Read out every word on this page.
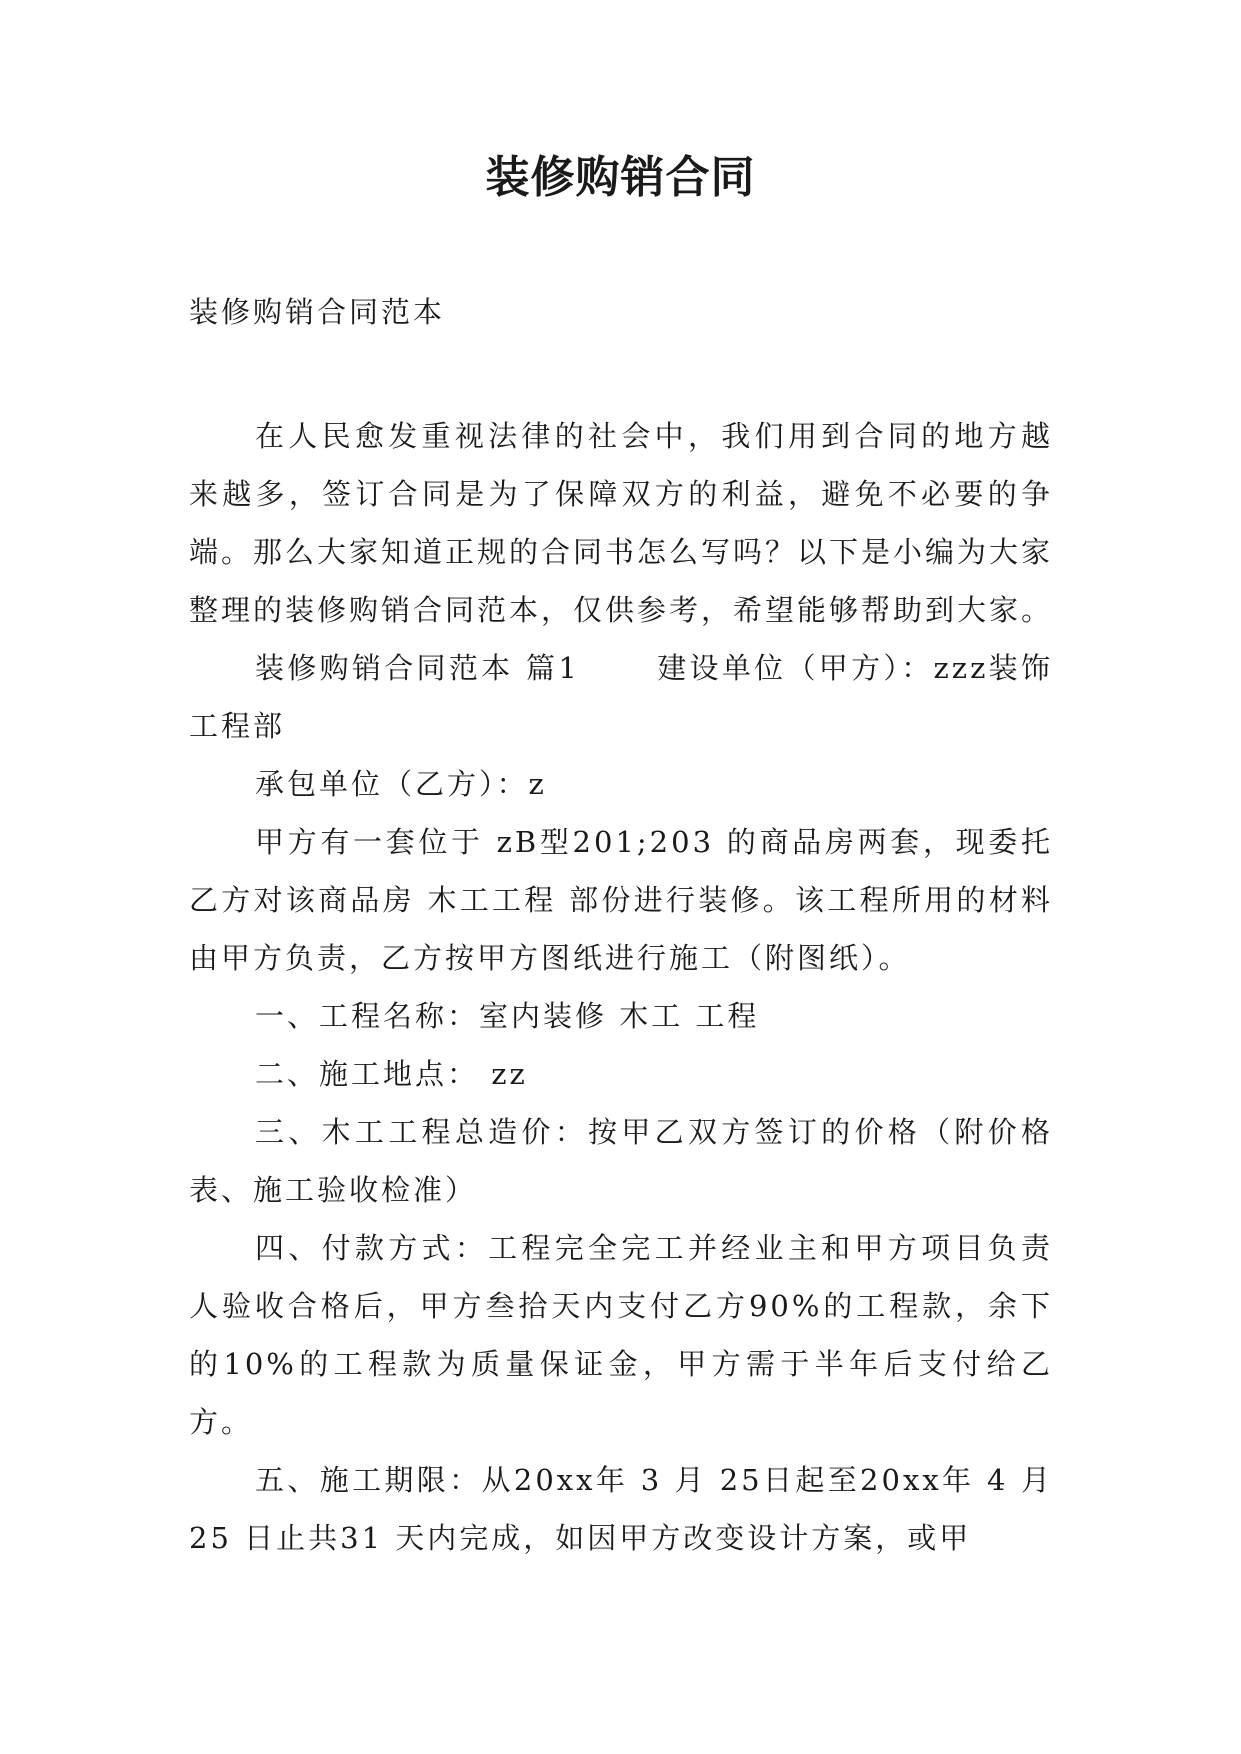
装修购销合同
装修购销合同范本

在人民愈发重视法律的社会中，我们用到合同的地方越来越多，签订合同是为了保障双方的利益，避免不必要的争端。那么大家知道正规的合同书怎么写吗？以下是小编为大家整理的装修购销合同范本，仅供参考，希望能够帮助到大家。

装修购销合同范本 篇1　　 建设单位（甲方）：zzz装饰工程部

承包单位（乙方）：z

甲方有一套位于 zB型201;203 的商品房两套，现委托乙方对该商品房 木工工程 部份进行装修。该工程所用的材料由甲方负责，乙方按甲方图纸进行施工（附图纸）。

一、工程名称：室内装修 木工 工程

二、施工地点： zz

三、木工工程总造价：按甲乙双方签订的价格（附价格表、施工验收检准）

四、付款方式：工程完全完工并经业主和甲方项目负责人验收合格后，甲方叁拾天内支付乙方90%的工程款，余下的10%的工程款为质量保证金，甲方需于半年后支付给乙方。

五、施工期限：从20xx年 3 月 25日起至20xx年 4 月 25 日止共31 天内完成，如因甲方改变设计方案，或甲
